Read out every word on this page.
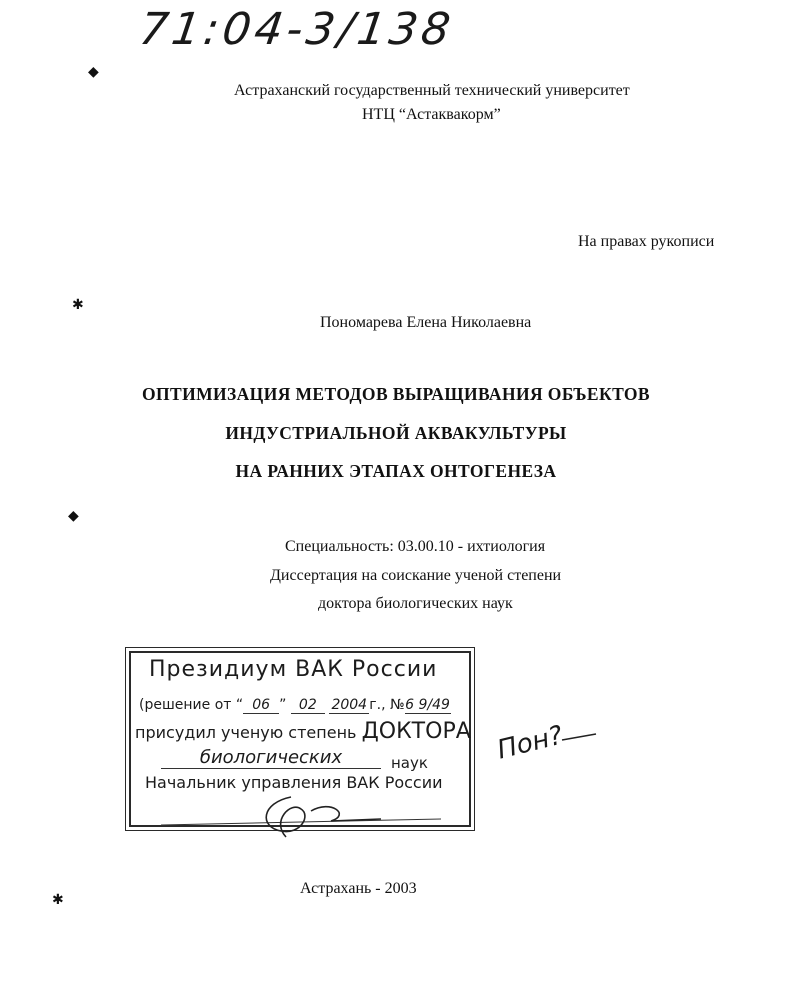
71:04-3/138
◆
✱
◆
✱
Астраханский государственный технический университет
НТЦ “Астаквакорм”
На правах рукописи
Пономарева Елена Николаевна
ОПТИМИЗАЦИЯ МЕТОДОВ ВЫРАЩИВАНИЯ ОБЪЕКТОВ
ИНДУСТРИАЛЬНОЙ АКВАКУЛЬТУРЫ
НА РАННИХ ЭТАПАХ ОНТОГЕНЕЗА
Специальность: 03.00.10 - ихтиология
Диссертация на соискание ученой степени
доктора биологических наук
Президиум ВАК России
(решение от “ 06 ” 02 2004 г., №6 9/49
присудил ученую степень ДОКТОРА
биологических	наук
Начальник управления ВАК России
Пон?
Астрахань - 2003
